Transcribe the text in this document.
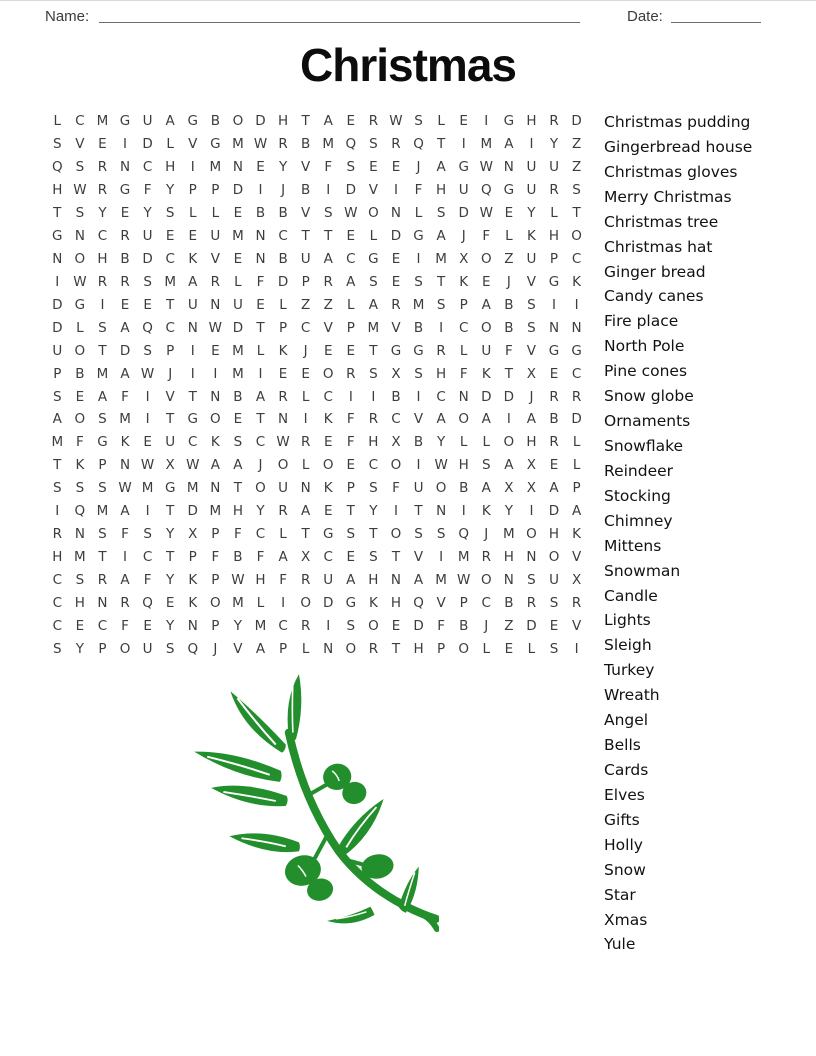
Name:	Date:
Christmas
L	C M G U A G B O D H T	A	E	R W S	L	E	I	G H R D
S	V	E	I	D	L	V G M W R B M Q S	R Q T	I	M A	I	Y	Z
Q S	R N C H	I	M N E	Y	V	F	S	E	E	J	A G W N U U Z
H W R G F	Y	P	P D	I	J	B	I	D V	I	F	H U Q G U R	S
T	S	Y	E	Y	S	L	L	E	B B V	S W O N	L	S D W E	Y	L	T
G N C R U E	E U M N C	T	T	E	L	D G A	J	F	L	K H O
N O H B D C K	V	E N B U A C G E	I	M X O Z U	P	C
I	W R R	S M A R	L	F D P	R A	S	E	S	T	K	E	J	V G K
D G	I	E	E	T	U N U E	L	Z Z	L	A R M S	P	A B	S	I	I
D	L	S	A Q C N W D T	P	C V	P M V B	I	C O B	S N N
U O T D S	P	I	E M L	K	J	E	E	T G G R	L	U	F	V G G
P	B M A W	J	I	I	M	I	E	E O R	S	X	S H	F	K	T	X	E	C
S	E	A	F	I	V	T N B A R	L	C	I	I	B	I	C N D D	J	R R
A O S M	I	T G O E	T N	I	K	F	R C V A O A	I	A B D
M F G K	E U C K	S	C W R	E	F	H X B	Y	L	L	O H R	L
T	K	P N W X W A A	J	O L	O E	C O	I	W H S	A X	E	L
S	S	S W M G M N T O U N K	P	S	F	U O B A X X A	P
I	Q M A	I	T D M H Y	R A	E	T	Y	I	T N	I	K	Y	I	D A
R N S	F	S	Y	X	P	F	C	L	T G S	T O S	S Q	J	M O H K
H M T	I	C	T	P	F	B	F	A X C	E	S	T	V	I	M R H N O V
C	S	R A	F	Y	K	P W H	F	R U A H N A M W O N S U X
C H N R Q E	K O M L	I	O D G K H Q V	P	C B R	S	R
C	E	C	F	E	Y N P	Y M C R	I	S O E D	F	B	J	Z D E	V
S	Y	P O U S Q	J	V A	P	L	N O R	T H P O L	E	L	S	I
Christmas pudding
Gingerbread house
Christmas gloves
Merry Christmas
Christmas tree
Christmas hat
Ginger bread
Candy canes
Fire place
North Pole
Pine cones
Snow globe
Ornaments
Snowflake
Reindeer
Stocking
Chimney
Mittens
Snowman
Candle
Lights
Sleigh
Turkey
Wreath
Angel
Bells
Cards
Elves
Gifts
Holly
Snow
Star
Xmas
Yule
